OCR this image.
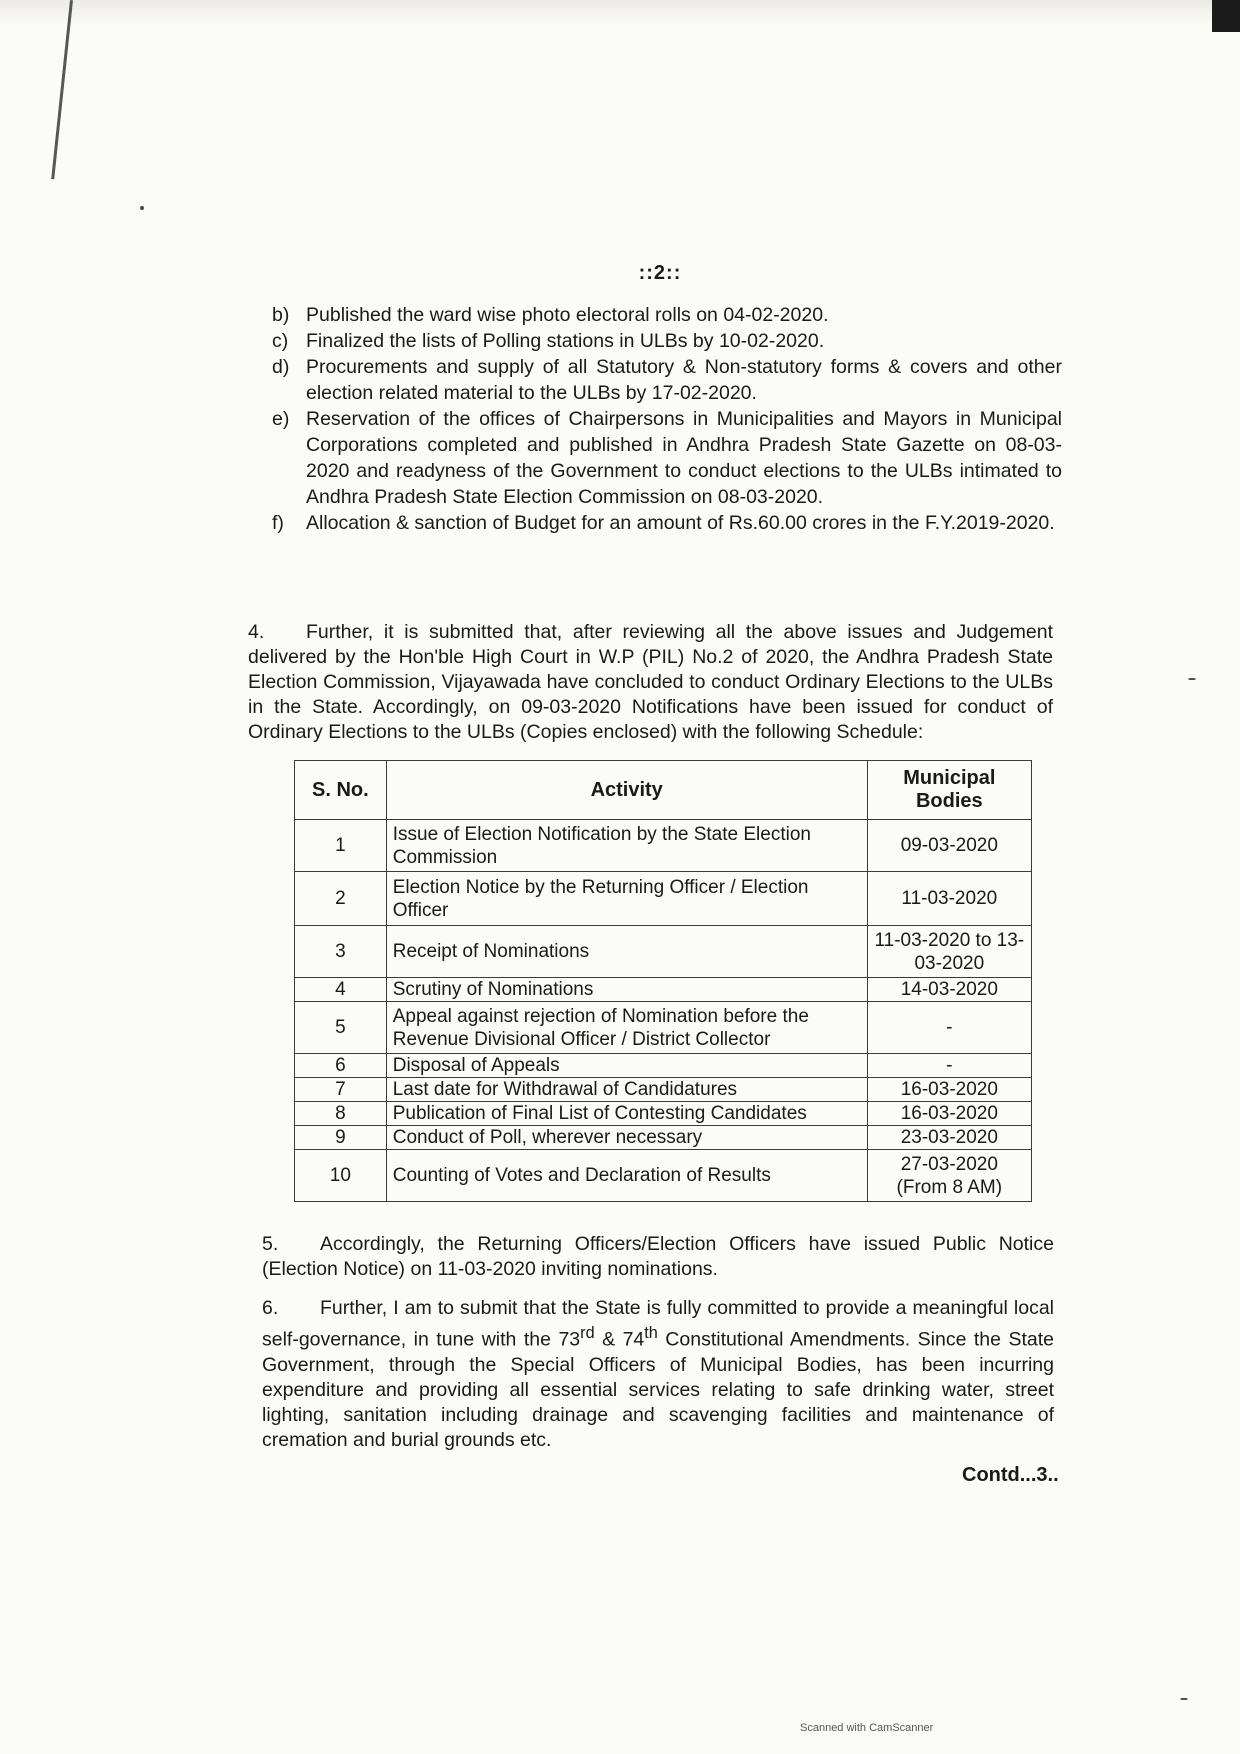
::2::
b) Published the ward wise photo electoral rolls on 04-02-2020.
c) Finalized the lists of Polling stations in ULBs by 10-02-2020.
d) Procurements and supply of all Statutory & Non-statutory forms & covers and other election related material to the ULBs by 17-02-2020.
e) Reservation of the offices of Chairpersons in Municipalities and Mayors in Municipal Corporations completed and published in Andhra Pradesh State Gazette on 08-03-2020 and readyness of the Government to conduct elections to the ULBs intimated to Andhra Pradesh State Election Commission on 08-03-2020.
f)	Allocation & sanction of Budget for an amount of Rs.60.00 crores in the F.Y.2019-2020.
4. Further, it is submitted that, after reviewing all the above issues and Judgement delivered by the Hon'ble High Court in W.P (PIL) No.2 of 2020, the Andhra Pradesh State Election Commission, Vijayawada have concluded to conduct Ordinary Elections to the ULBs in the State. Accordingly, on 09-03-2020 Notifications have been issued for conduct of Ordinary Elections to the ULBs (Copies enclosed) with the following Schedule:
S. No.	Activity	Municipal Bodies
1	Issue of Election Notification by the State Election Commission	09-03-2020
2	Election Notice by the Returning Officer / Election Officer	11-03-2020
3	Receipt of Nominations	11-03-2020 to 13-03-2020
4	Scrutiny of Nominations	14-03-2020
5	Appeal against rejection of Nomination before the Revenue Divisional Officer / District Collector	-
6	Disposal of Appeals	-
7	Last date for Withdrawal of Candidatures	16-03-2020
8	Publication of Final List of Contesting Candidates	16-03-2020
9	Conduct of Poll, wherever necessary	23-03-2020
10	Counting of Votes and Declaration of Results	27-03-2020 (From 8 AM)
5. Accordingly, the Returning Officers/Election Officers have issued Public Notice (Election Notice) on 11-03-2020 inviting nominations.
6. Further, I am to submit that the State is fully committed to provide a meaningful local self-governance, in tune with the 73rd & 74th Constitutional Amendments. Since the State Government, through the Special Officers of Municipal Bodies, has been incurring expenditure and providing all essential services relating to safe drinking water, street lighting, sanitation including drainage and scavenging facilities and maintenance of cremation and burial grounds etc.
Contd...3..
Scanned with CamScanner
